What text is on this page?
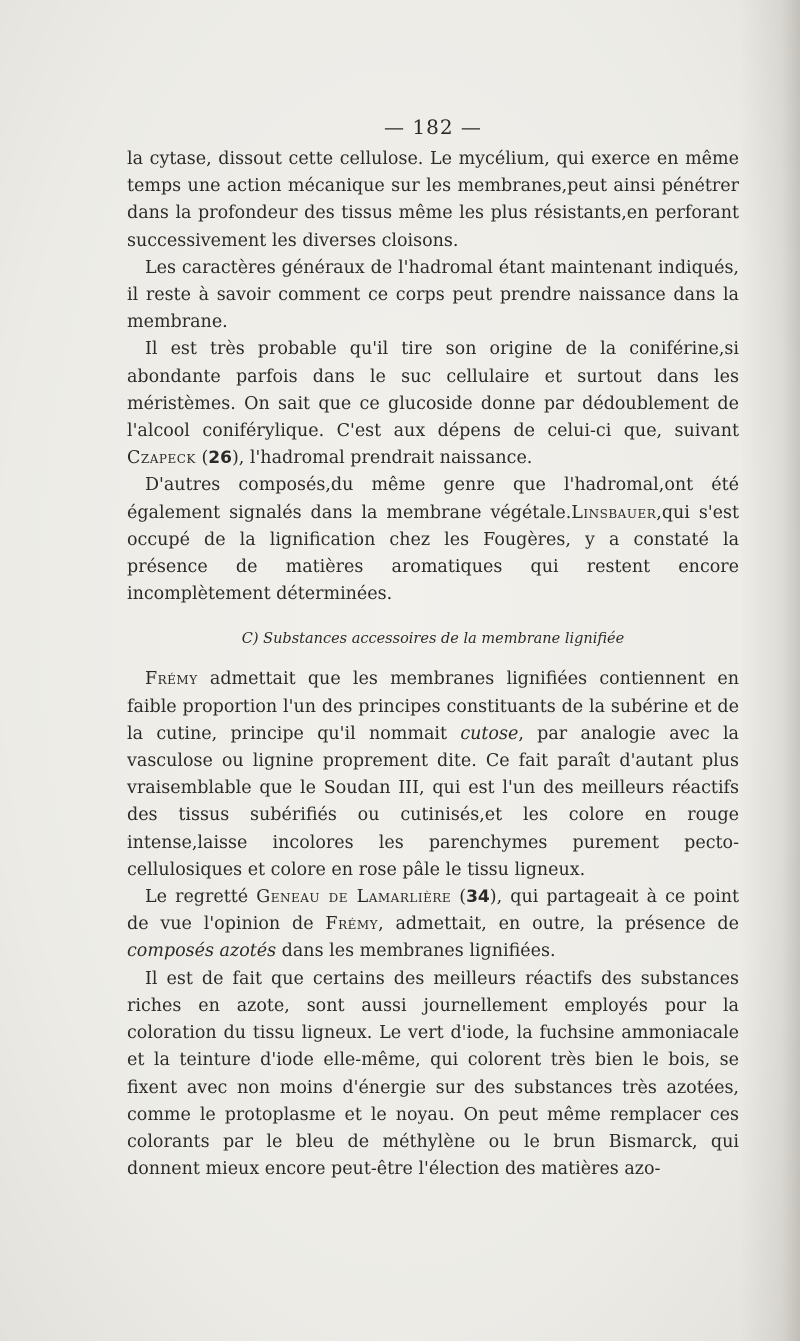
— 182 —

la cytase, dissout cette cellulose. Le mycélium, qui exerce en même temps une action mécanique sur les membranes,peut ainsi pénétrer dans la profondeur des tissus même les plus résistants,en perforant successivement les diverses cloisons.

Les caractères généraux de l'hadromal étant maintenant indiqués, il reste à savoir comment ce corps peut prendre naissance dans la membrane.

Il est très probable qu'il tire son origine de la coniférine,si abondante parfois dans le suc cellulaire et surtout dans les méristèmes. On sait que ce glucoside donne par dédoublement de l'alcool coniférylique. C'est aux dépens de celui-ci que, suivant Czapeck (26), l'hadromal prendrait naissance.

D'autres composés,du même genre que l'hadromal,ont été également signalés dans la membrane végétale.Linsbauer,qui s'est occupé de la lignification chez les Fougères, y a constaté la présence de matières aromatiques qui restent encore incomplètement déterminées.

C) Substances accessoires de la membrane lignifiée

Frémy admettait que les membranes lignifiées contiennent en faible proportion l'un des principes constituants de la subérine et de la cutine, principe qu'il nommait cutose, par analogie avec la vasculose ou lignine proprement dite. Ce fait paraît d'autant plus vraisemblable que le Soudan III, qui est l'un des meilleurs réactifs des tissus subérifiés ou cutinisés,et les colore en rouge intense,laisse incolores les parenchymes purement pecto-cellulosiques et colore en rose pâle le tissu ligneux.

Le regretté Geneau de Lamarlière (34), qui partageait à ce point de vue l'opinion de Frémy, admettait, en outre, la présence de composés azotés dans les membranes lignifiées.

Il est de fait que certains des meilleurs réactifs des substances riches en azote, sont aussi journellement employés pour la coloration du tissu ligneux. Le vert d'iode, la fuchsine ammoniacale et la teinture d'iode elle-même, qui colorent très bien le bois, se fixent avec non moins d'énergie sur des substances très azotées, comme le protoplasme et le noyau. On peut même remplacer ces colorants par le bleu de méthylène ou le brun Bismarck, qui donnent mieux encore peut-être l'élection des matières azo-
